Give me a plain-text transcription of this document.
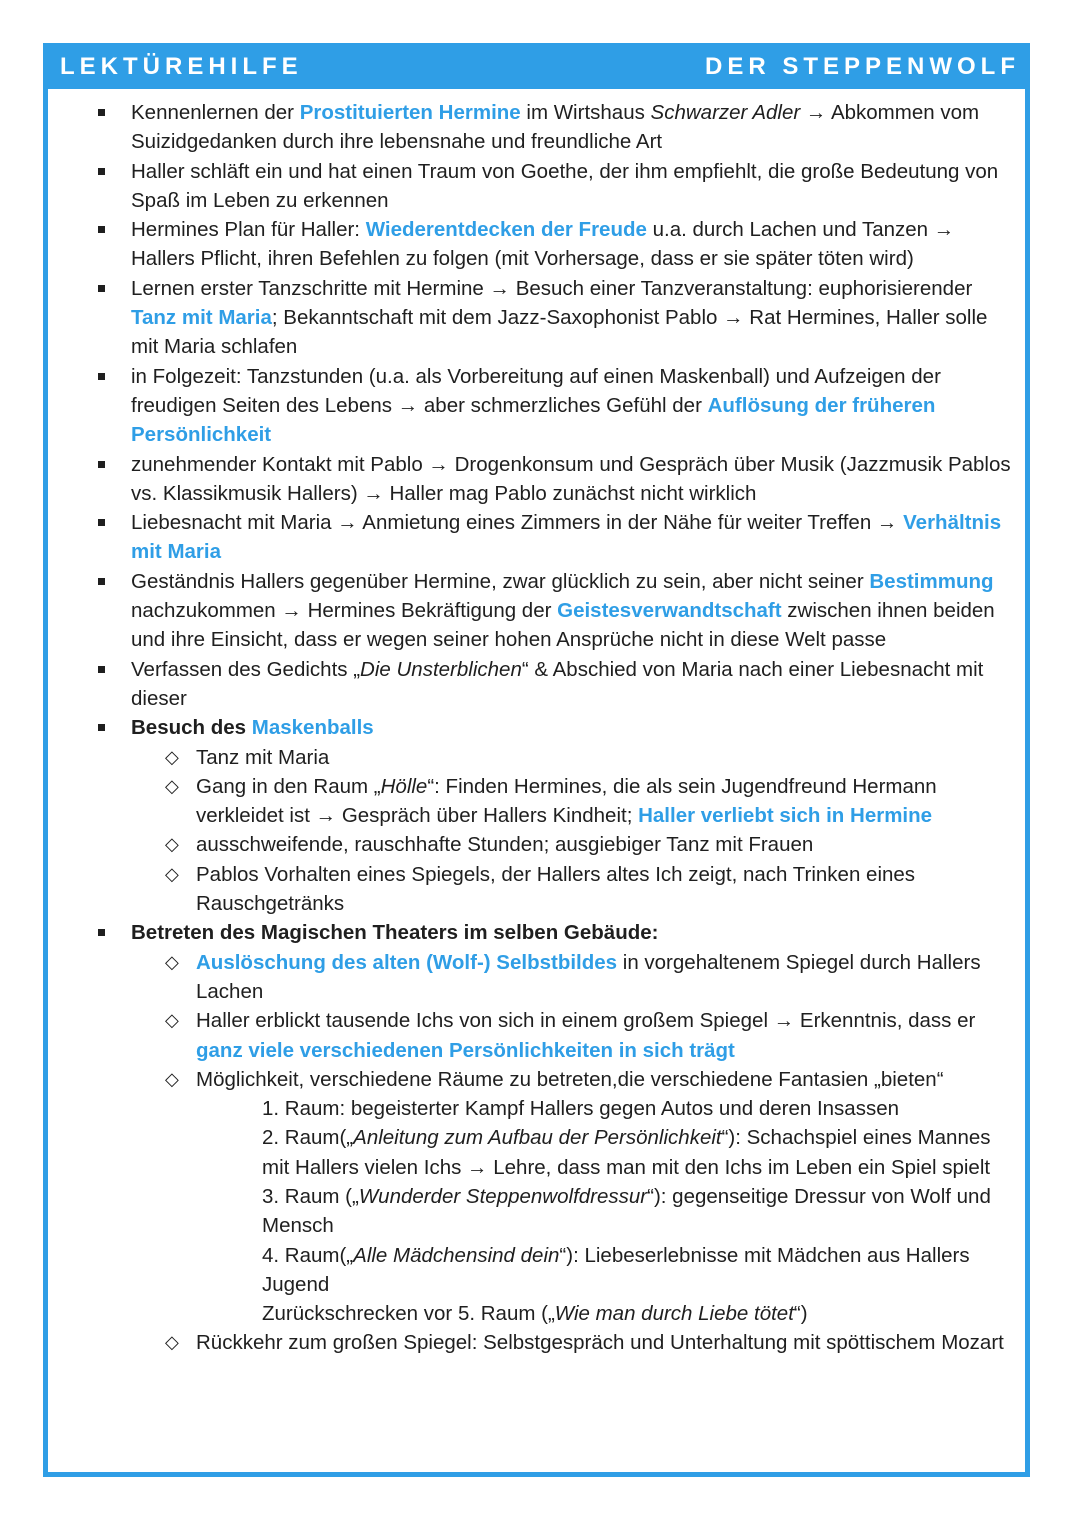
LEKTÜREHILFE	DER STEPPENWOLF
Kennenlernen der Prostituierten Hermine im Wirtshaus Schwarzer Adler → Abkommen vom Suizidgedanken durch ihre lebensnahe und freundliche Art
Haller schläft ein und hat einen Traum von Goethe, der ihm empfiehlt, die große Bedeutung von Spaß im Leben zu erkennen
Hermines Plan für Haller: Wiederentdecken der Freude u.a. durch Lachen und Tanzen → Hallers Pflicht, ihren Befehlen zu folgen (mit Vorhersage, dass er sie später töten wird)
Lernen erster Tanzschritte mit Hermine → Besuch einer Tanzveranstaltung: euphorisierender Tanz mit Maria; Bekanntschaft mit dem Jazz-Saxophonist Pablo → Rat Hermines, Haller solle mit Maria schlafen
in Folgezeit: Tanzstunden (u.a. als Vorbereitung auf einen Maskenball) und Aufzeigen der freudigen Seiten des Lebens → aber schmerzliches Gefühl der Auflösung der früheren Persönlichkeit
zunehmender Kontakt mit Pablo → Drogenkonsum und Gespräch über Musik (Jazzmusik Pablos vs. Klassikmusik Hallers) → Haller mag Pablo zunächst nicht wirklich
Liebesnacht mit Maria → Anmietung eines Zimmers in der Nähe für weiter Treffen → Verhältnis mit Maria
Geständnis Hallers gegenüber Hermine, zwar glücklich zu sein, aber nicht seiner Bestimmung nachzukommen → Hermines Bekräftigung der Geistesverwandtschaft zwischen ihnen beiden und ihre Einsicht, dass er wegen seiner hohen Ansprüche nicht in diese Welt passe
Verfassen des Gedichts „Die Unsterblichen“ & Abschied von Maria nach einer Liebesnacht mit dieser
Besuch des Maskenballs
◇ Tanz mit Maria
◇ Gang in den Raum „Hölle“: Finden Hermines, die als sein Jugendfreund Hermann verkleidet ist → Gespräch über Hallers Kindheit; Haller verliebt sich in Hermine
◇ ausschweifende, rauschhafte Stunden; ausgiebiger Tanz mit Frauen
◇ Pablos Vorhalten eines Spiegels, der Hallers altes Ich zeigt, nach Trinken eines Rauschgetränks
Betreten des Magischen Theaters im selben Gebäude:
◇ Auslöschung des alten (Wolf-) Selbstbildes in vorgehaltenem Spiegel durch Hallers Lachen
◇ Haller erblickt tausende Ichs von sich in einem großem Spiegel → Erkenntnis, dass er ganz viele verschiedenen Persönlichkeiten in sich trägt
◇ Möglichkeit, verschiedene Räume zu betreten,die verschiedene Fantasien „bieten“
1. Raum: begeisterter Kampf Hallers gegen Autos und deren Insassen
2. Raum(„Anleitung zum Aufbau der Persönlichkeit“): Schachspiel eines Mannes mit Hallers vielen Ichs → Lehre, dass man mit den Ichs im Leben ein Spiel spielt
3. Raum („Wunderder Steppenwolfdressur“): gegenseitige Dressur von Wolf und Mensch
4. Raum(„Alle Mädchensind dein“): Liebeserlebnisse mit Mädchen aus Hallers Jugend
Zurückschrecken vor 5. Raum („Wie man durch Liebe tötet“)
◇ Rückkehr zum großen Spiegel: Selbstgespräch und Unterhaltung mit spöttischem Mozart
